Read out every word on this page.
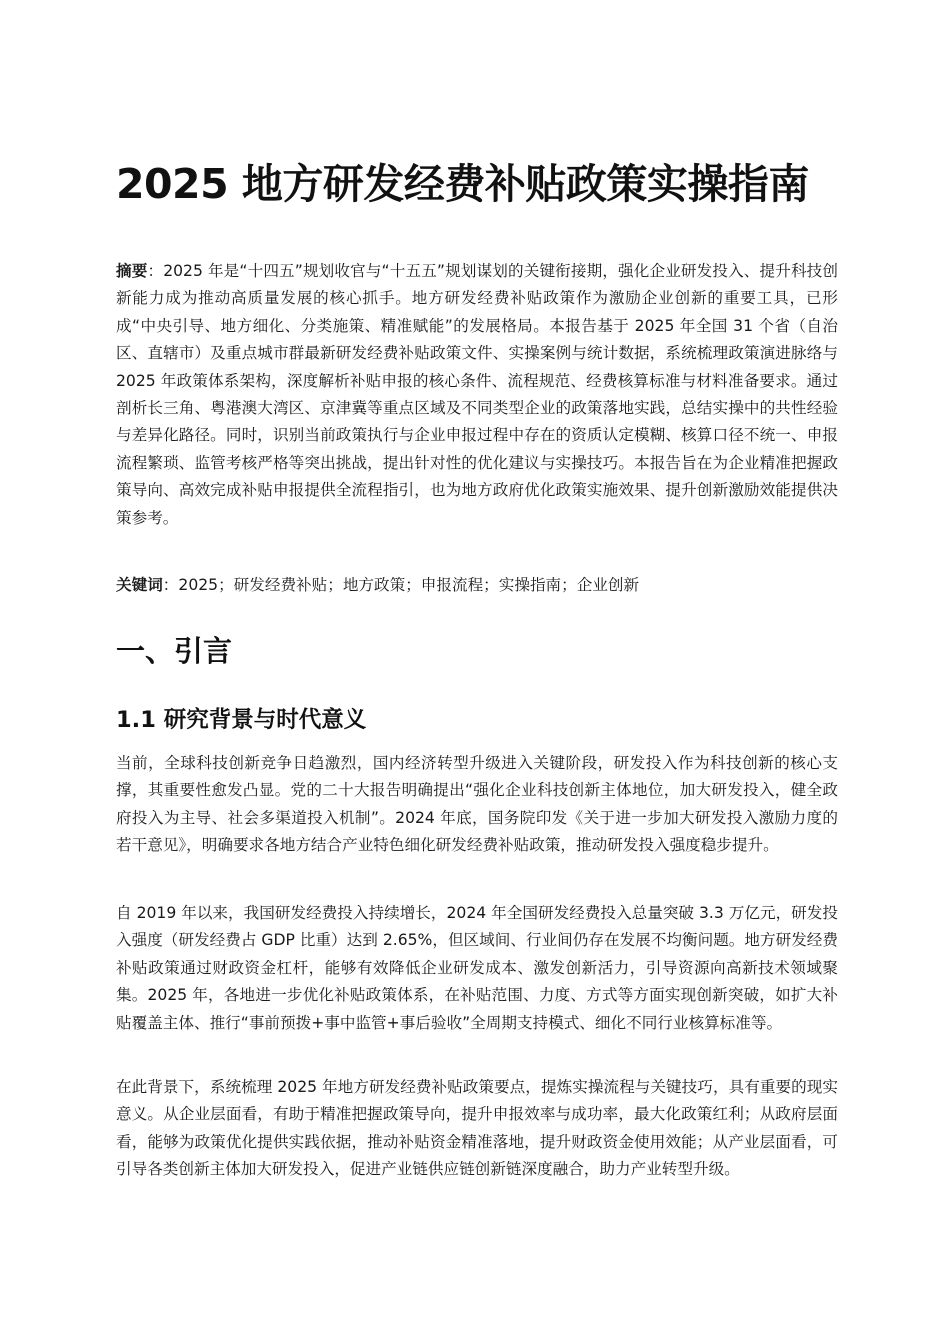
2025 地方研发经费补贴政策实操指南

摘要：2025 年是“十四五”规划收官与“十五五”规划谋划的关键衔接期，强化企业研发投入、提升科技创新能力成为推动高质量发展的核心抓手。地方研发经费补贴政策作为激励企业创新的重要工具，已形成“中央引导、地方细化、分类施策、精准赋能”的发展格局。本报告基于 2025 年全国 31 个省（自治区、直辖市）及重点城市群最新研发经费补贴政策文件、实操案例与统计数据，系统梳理政策演进脉络与 2025 年政策体系架构，深度解析补贴申报的核心条件、流程规范、经费核算标准与材料准备要求。通过剖析长三角、粤港澳大湾区、京津冀等重点区域及不同类型企业的政策落地实践，总结实操中的共性经验与差异化路径。同时，识别当前政策执行与企业申报过程中存在的资质认定模糊、核算口径不统一、申报流程繁琐、监管考核严格等突出挑战，提出针对性的优化建议与实操技巧。本报告旨在为企业精准把握政策导向、高效完成补贴申报提供全流程指引，也为地方政府优化政策实施效果、提升创新激励效能提供决策参考。

关键词：2025；研发经费补贴；地方政策；申报流程；实操指南；企业创新

一、引言
1.1 研究背景与时代意义

当前，全球科技创新竞争日趋激烈，国内经济转型升级进入关键阶段，研发投入作为科技创新的核心支撑，其重要性愈发凸显。党的二十大报告明确提出“强化企业科技创新主体地位，加大研发投入，健全政府投入为主导、社会多渠道投入机制”。2024 年底，国务院印发《关于进一步加大研发投入激励力度的若干意见》，明确要求各地方结合产业特色细化研发经费补贴政策，推动研发投入强度稳步提升。

自 2019 年以来，我国研发经费投入持续增长，2024 年全国研发经费投入总量突破 3.3 万亿元，研发投入强度（研发经费占 GDP 比重）达到 2.65%，但区域间、行业间仍存在发展不均衡问题。地方研发经费补贴政策通过财政资金杠杆，能够有效降低企业研发成本、激发创新活力，引导资源向高新技术领域聚集。2025 年，各地进一步优化补贴政策体系，在补贴范围、力度、方式等方面实现创新突破，如扩大补贴覆盖主体、推行“事前预拨+事中监管+事后验收”全周期支持模式、细化不同行业核算标准等。

在此背景下，系统梳理 2025 年地方研发经费补贴政策要点，提炼实操流程与关键技巧，具有重要的现实意义。从企业层面看，有助于精准把握政策导向，提升申报效率与成功率，最大化政策红利；从政府层面看，能够为政策优化提供实践依据，推动补贴资金精准落地，提升财政资金使用效能；从产业层面看，可引导各类创新主体加大研发投入，促进产业链供应链创新链深度融合，助力产业转型升级。
